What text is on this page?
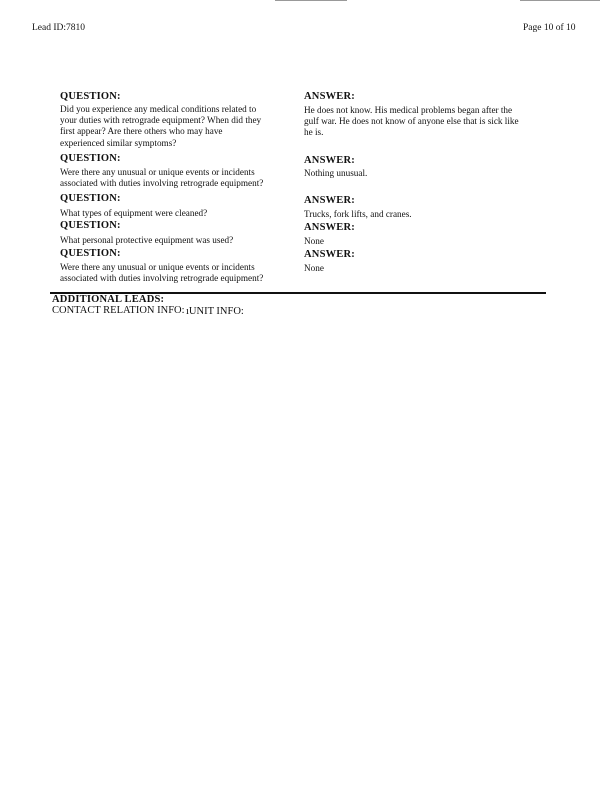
Lead ID:7810	Page 10 of 10
QUESTION:
Did you experience any medical conditions related to
your duties with retrograde equipment? When did they
first appear? Are there others who may have
experienced similar symptoms?
ANSWER:
He does not know. His medical problems began after the
gulf war. He does not know of anyone else that is sick like
he is.
QUESTION:
Were there any unusual or unique events or incidents
associated with duties involving retrograde equipment?
ANSWER:
Nothing unusual.
QUESTION:
What types of equipment were cleaned?
ANSWER:
Trucks, fork lifts, and cranes.
QUESTION:
What personal protective equipment was used?
ANSWER:
None
QUESTION:
Were there any unusual or unique events or incidents
associated with duties involving retrograde equipment?
ANSWER:
None
ADDITIONAL LEADS:
CONTACT RELATION INFO: ıUNIT INFO:
